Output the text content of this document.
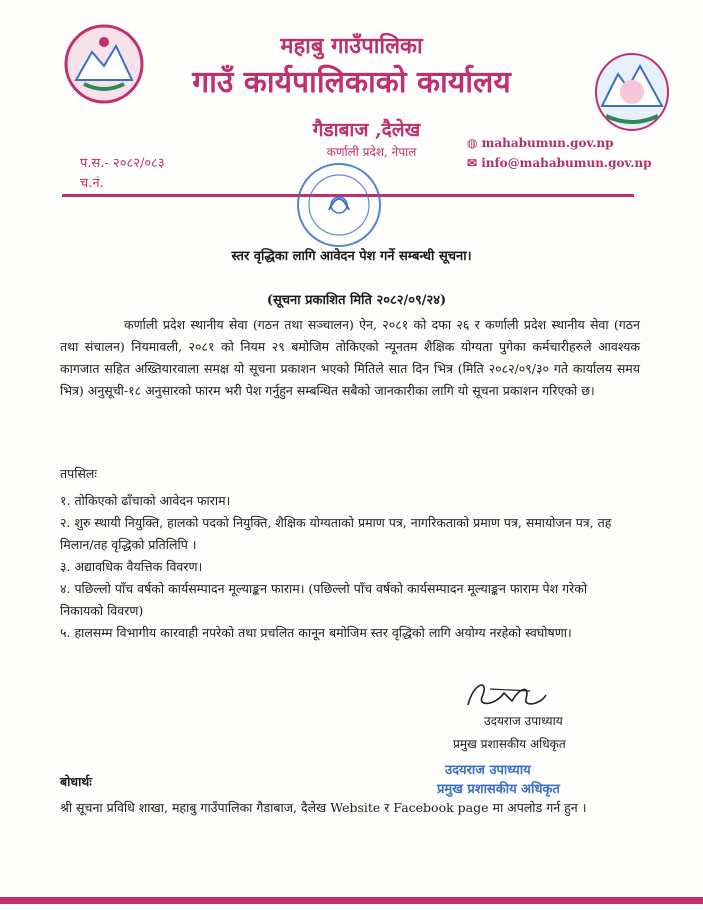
महाबु गाउँपालिका
गाउँ कार्यपालिकाको कार्यालय
गैडाबाज ,दैलेख
कर्णाली प्रदेश, नेपाल
◍ mahabumun.gov.np
✉ info@mahabumun.gov.np
प.स.- २०८२/०८३
च.नं.
स्तर वृद्धिका लागि आवेदन पेश गर्ने सम्बन्धी सूचना।
(सूचना प्रकाशित मिति २०८२/०९/२४)
कर्णाली प्रदेश स्थानीय सेवा (गठन तथा सञ्चालन) ऐन, २०८१ को दफा २६ र कर्णाली प्रदेश स्थानीय सेवा (गठन तथा संचालन) नियमावली, २०८१ को नियम २९ बमोजिम तोकिएको न्यूनतम शैक्षिक योग्यता पुगेका कर्मचारीहरुले आवश्यक कागजात सहित अख्तियारवाला समक्ष यो सूचना प्रकाशन भएको मितिले सात दिन भित्र (मिति २०८२/०९/३० गते कार्यालय समय भित्र) अनुसूची-१८ अनुसारको फारम भरी पेश गर्नुहुन सम्बन्धित सबैको जानकारीका लागि यो सूचना प्रकाशन गरिएको छ।
तपसिलः
१. तोकिएको ढाँचाको आवेदन फाराम।
२. शुरु स्थायी नियुक्ति, हालको पदको नियुक्ति, शैक्षिक योग्यताको प्रमाण पत्र, नागरिकताको प्रमाण पत्र, समायोजन पत्र, तह मिलान/तह वृद्धिको प्रतिलिपि ।
३. अद्यावधिक वैयत्तिक विवरण।
४. पछिल्लो पाँच वर्षको कार्यसम्पादन मूल्याङ्कन फाराम। (पछिल्लो पाँच वर्षको कार्यसम्पादन मूल्याङ्कन फाराम पेश गरेको निकायको विवरण)
५. हालसम्म विभागीय कारवाही नपरेको तथा प्रचलित कानून बमोजिम स्तर वृद्धिको लागि अयोग्य नरहेको स्वघोषणा।
उदयराज उपाध्याय
प्रमुख प्रशासकीय अधिकृत
उदयराज उपाध्याय
प्रमुख प्रशासकीय अधिकृत
बोधार्थः
श्री सूचना प्रविधि शाखा, महाबु गाउँपालिका गैडाबाज, दैलेख Website र Facebook page मा अपलोड गर्न हुन ।
